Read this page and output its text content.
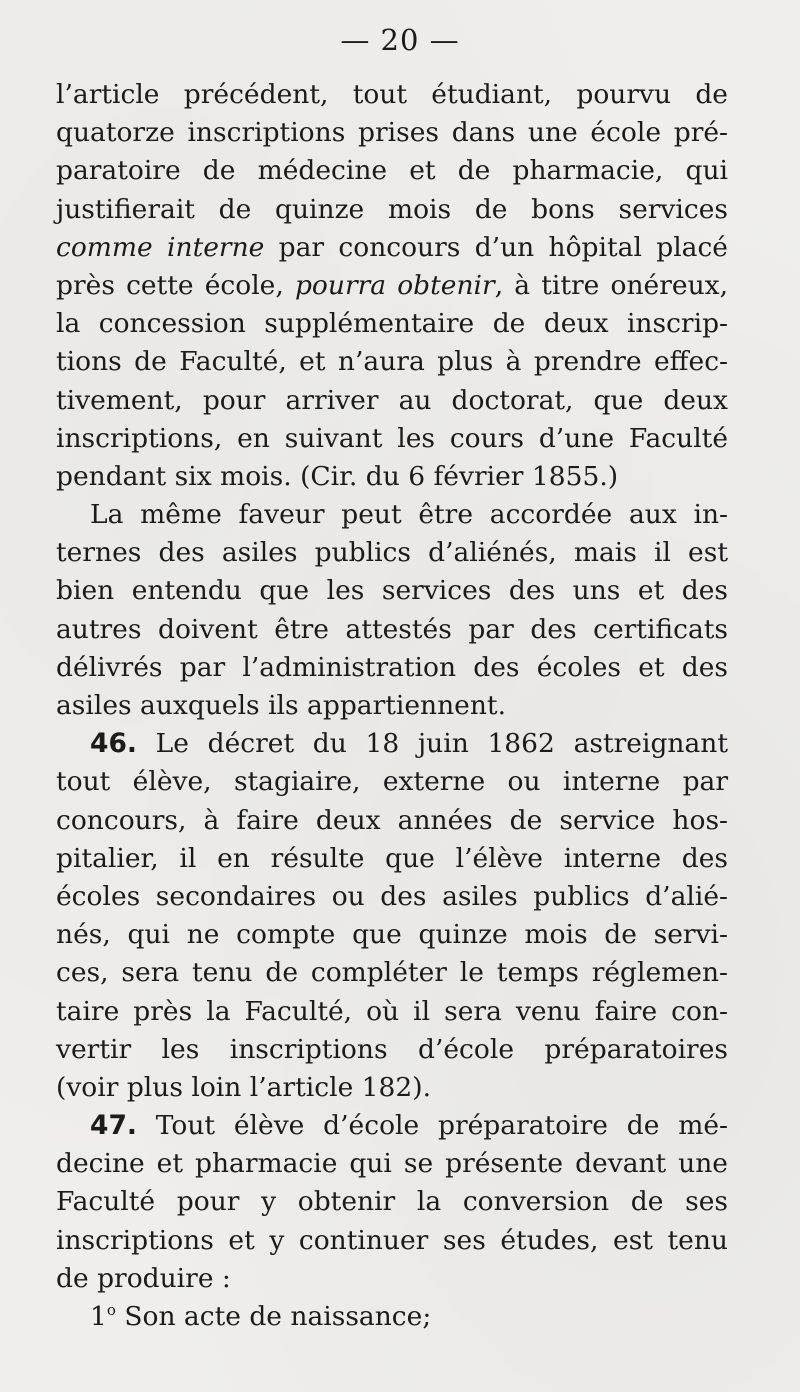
— 20 —
l’article précédent, tout étudiant, pourvu de
quatorze inscriptions prises dans une école pré-
paratoire de médecine et de pharmacie, qui
justifierait de quinze mois de bons services
comme interne par concours d’un hôpital placé
près cette école, pourra obtenir, à titre onéreux,
la concession supplémentaire de deux inscrip-
tions de Faculté, et n’aura plus à prendre effec-
tivement, pour arriver au doctorat, que deux
inscriptions, en suivant les cours d’une Faculté
pendant six mois. (Cir. du 6 février 1855.)
La même faveur peut être accordée aux in-
ternes des asiles publics d’aliénés, mais il est
bien entendu que les services des uns et des
autres doivent être attestés par des certificats
délivrés par l’administration des écoles et des
asiles auxquels ils appartiennent.
46. Le décret du 18 juin 1862 astreignant
tout élève, stagiaire, externe ou interne par
concours, à faire deux années de service hos-
pitalier, il en résulte que l’élève interne des
écoles secondaires ou des asiles publics d’alié-
nés, qui ne compte que quinze mois de servi-
ces, sera tenu de compléter le temps réglemen-
taire près la Faculté, où il sera venu faire con-
vertir les inscriptions d’école préparatoires
(voir plus loin l’article 182).
47. Tout élève d’école préparatoire de mé-
decine et pharmacie qui se présente devant une
Faculté pour y obtenir la conversion de ses
inscriptions et y continuer ses études, est tenu
de produire :
1$^o$ Son acte de naissance;
